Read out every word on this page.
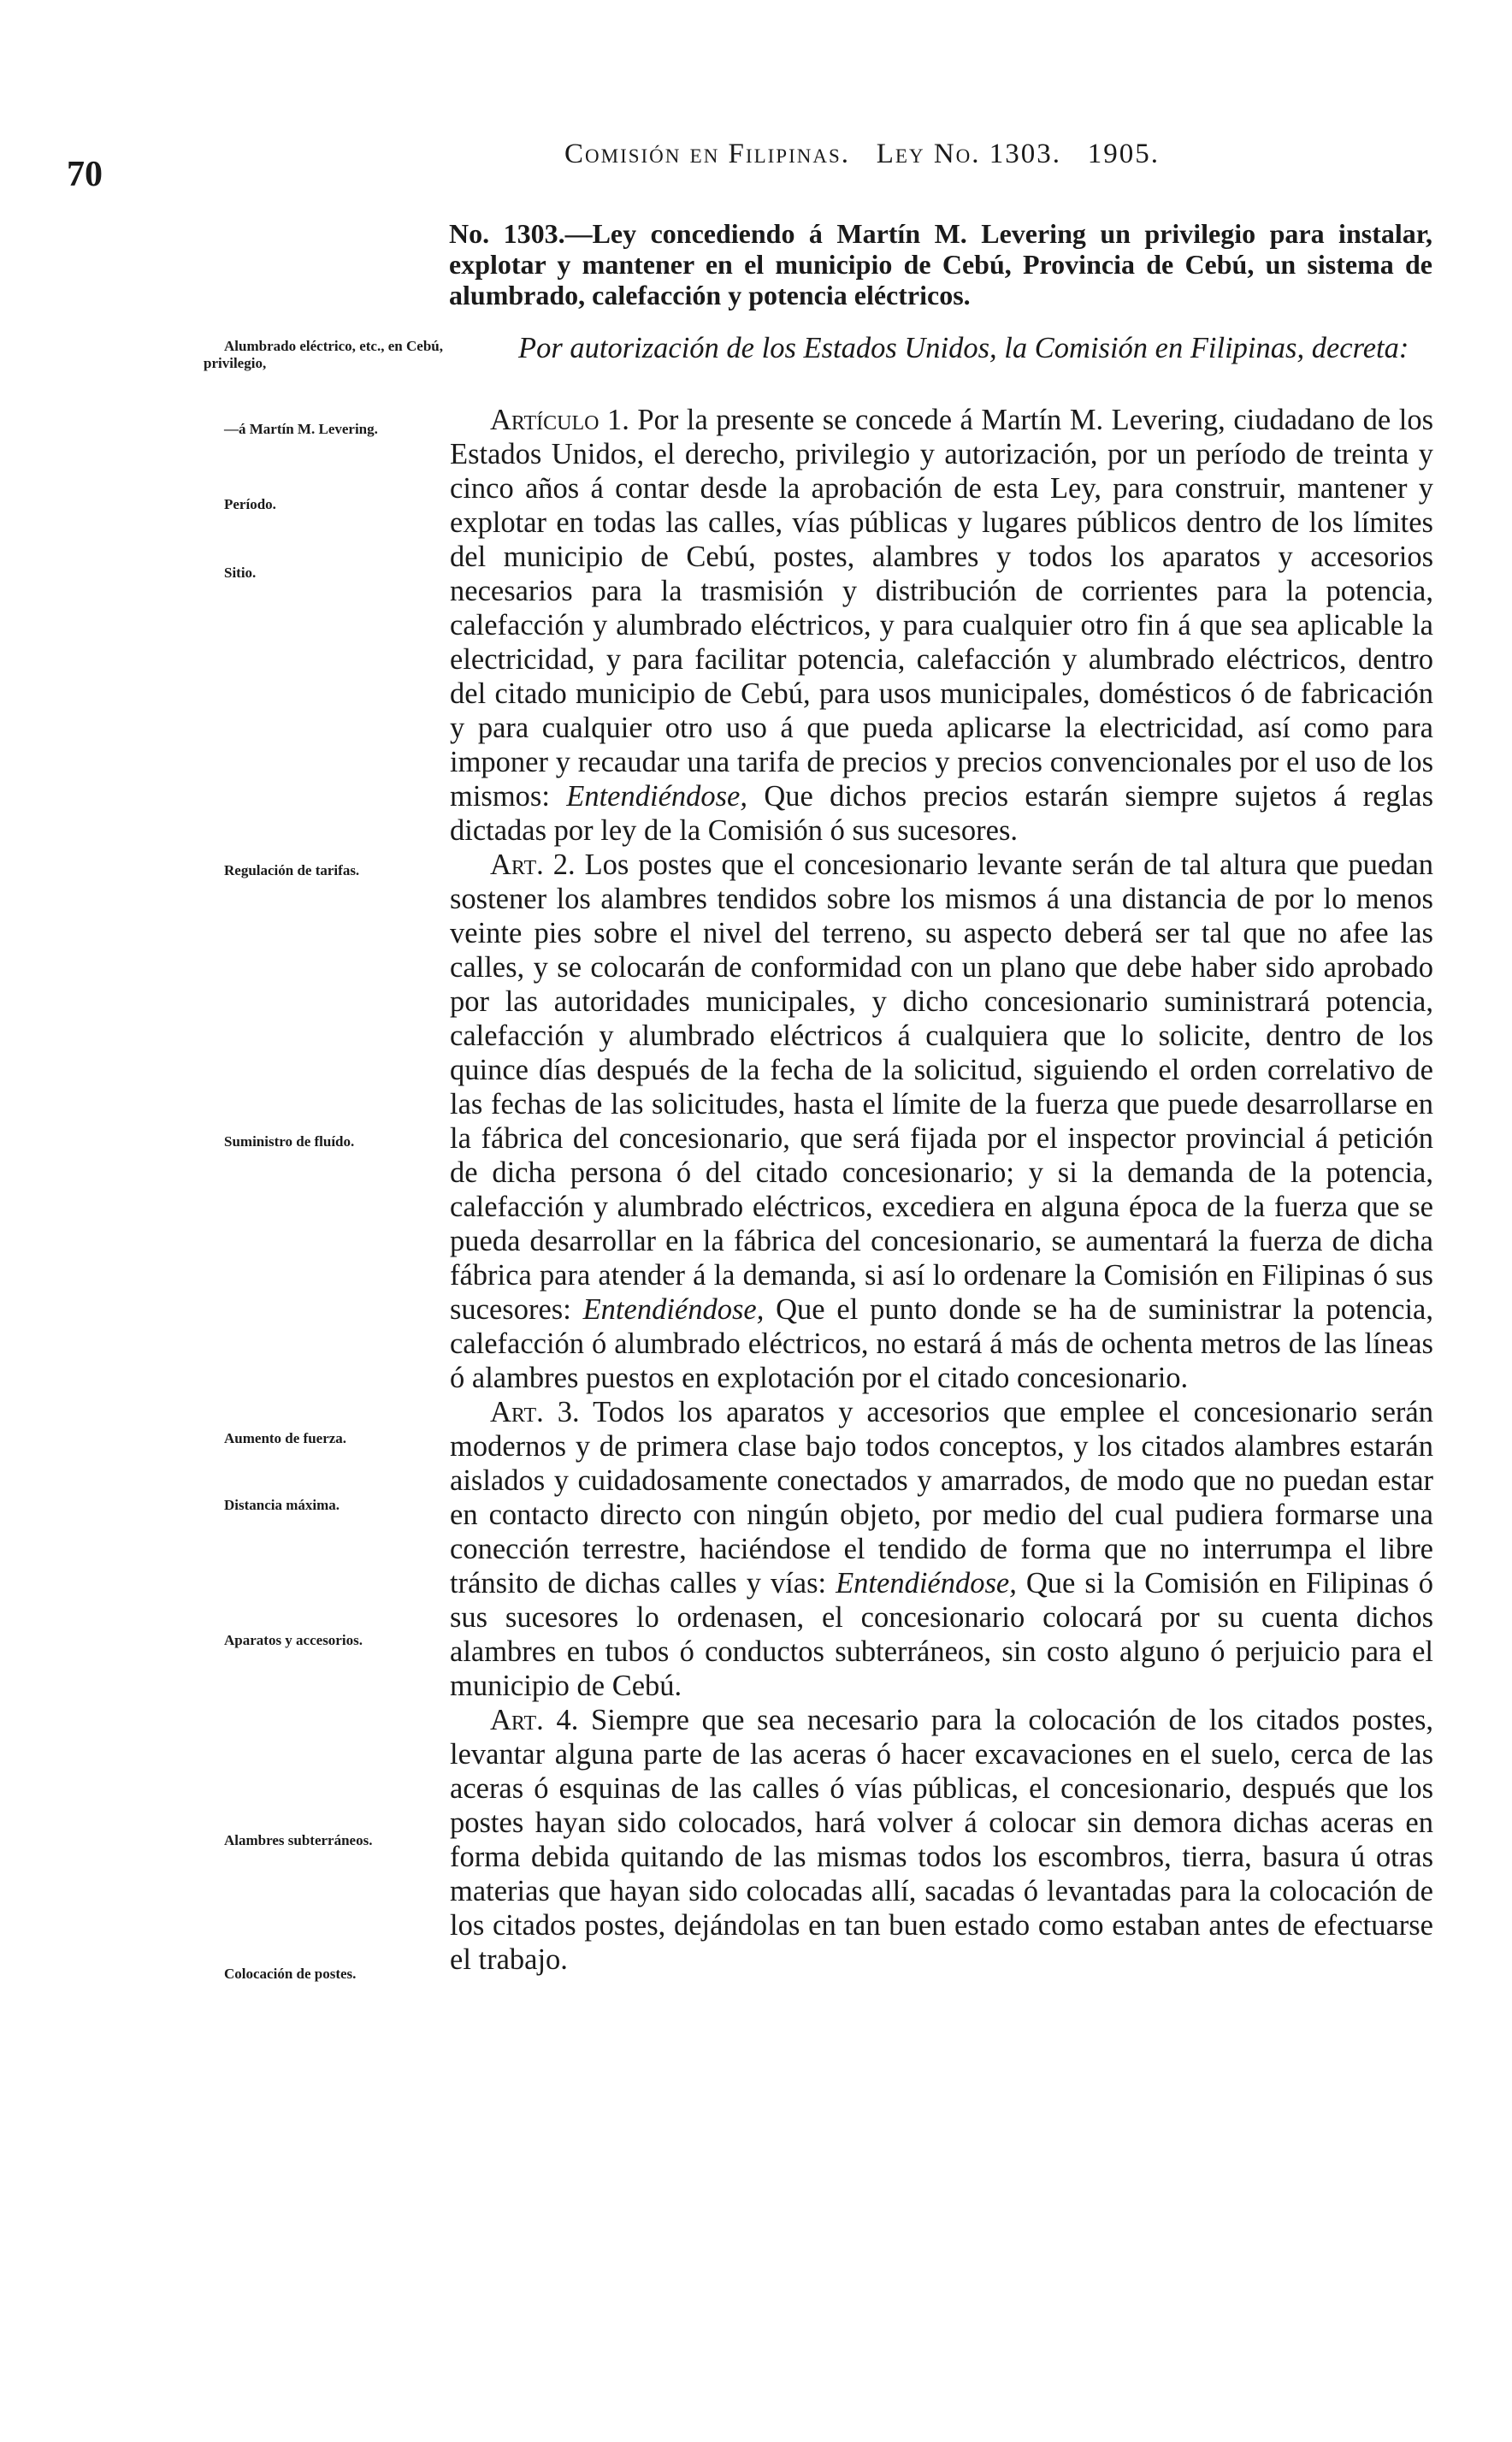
70
Comisión en Filipinas. Ley No. 1303. 1905.
No. 1303.—Ley concediendo á Martín M. Levering un privilegio para instalar, explotar y mantener en el municipio de Cebú, Provincia de Cebú, un sistema de alumbrado, calefacción y potencia eléctricos.
Por autorización de los Estados Unidos, la Comisión en Filipinas, decreta:

Artículo 1. Por la presente se concede á Martín M. Levering, ciudadano de los Estados Unidos, el derecho, privilegio y autorización, por un período de treinta y cinco años á contar desde la aprobación de esta Ley, para construir, mantener y explotar en todas las calles, vías públicas y lugares públicos dentro de los límites del municipio de Cebú, postes, alambres y todos los aparatos y accesorios necesarios para la trasmisión y distribución de corrientes para la potencia, calefacción y alumbrado eléctricos, y para cualquier otro fin á que sea aplicable la electricidad, y para facilitar potencia, calefacción y alumbrado eléctricos, dentro del citado municipio de Cebú, para usos municipales, domésticos ó de fabricación y para cualquier otro uso á que pueda aplicarse la electricidad, así como para imponer y recaudar una tarifa de precios y precios convencionales por el uso de los mismos: Entendiéndose, Que dichos precios estarán siempre sujetos á reglas dictadas por ley de la Comisión ó sus sucesores.

Art. 2. Los postes que el concesionario levante serán de tal altura que puedan sostener los alambres tendidos sobre los mismos á una distancia de por lo menos veinte pies sobre el nivel del terreno, su aspecto deberá ser tal que no afee las calles, y se colocarán de conformidad con un plano que debe haber sido aprobado por las autoridades municipales, y dicho concesionario suministrará potencia, calefacción y alumbrado eléctricos á cualquiera que lo solicite, dentro de los quince días después de la fecha de la solicitud, siguiendo el orden correlativo de las fechas de las solicitudes, hasta el límite de la fuerza que puede desarrollarse en la fábrica del concesionario, que será fijada por el inspector provincial á petición de dicha persona ó del citado concesionario; y si la demanda de la potencia, calefacción y alumbrado eléctricos, excediera en alguna época de la fuerza que se pueda desarrollar en la fábrica del concesionario, se aumentará la fuerza de dicha fábrica para atender á la demanda, si así lo ordenare la Comisión en Filipinas ó sus sucesores: Entendiéndose, Que el punto donde se ha de suministrar la potencia, calefacción ó alumbrado eléctricos, no estará á más de ochenta metros de las líneas ó alambres puestos en explotación por el citado concesionario.

Art. 3. Todos los aparatos y accesorios que emplee el concesionario serán modernos y de primera clase bajo todos conceptos, y los citados alambres estarán aislados y cuidadosamente conectados y amarrados, de modo que no puedan estar en contacto directo con ningún objeto, por medio del cual pudiera formarse una conección terrestre, haciéndose el tendido de forma que no interrumpa el libre tránsito de dichas calles y vías: Entendiéndose, Que si la Comisión en Filipinas ó sus sucesores lo ordenasen, el concesionario colocará por su cuenta dichos alambres en tubos ó conductos subterráneos, sin costo alguno ó perjuicio para el municipio de Cebú.

Art. 4. Siempre que sea necesario para la colocación de los citados postes, levantar alguna parte de las aceras ó hacer excavaciones en el suelo, cerca de las aceras ó esquinas de las calles ó vías públicas, el concesionario, después que los postes hayan sido colocados, hará volver á colocar sin demora dichas aceras en forma debida quitando de las mismas todos los escombros, tierra, basura ú otras materias que hayan sido colocadas allí, sacadas ó levantadas para la colocación de los citados postes, dejándolas en tan buen estado como estaban antes de efectuarse el trabajo.

Alumbrado eléctrico, etc., en Cebú, privilegio,
—á Martín M. Levering.
Período.
Sitio.
Regulación de tarifas.
Suministro de fluído.
Aumento de fuerza.
Distancia máxima.
Aparatos y accesorios.
Alambres subterráneos.
Colocación de postes.
